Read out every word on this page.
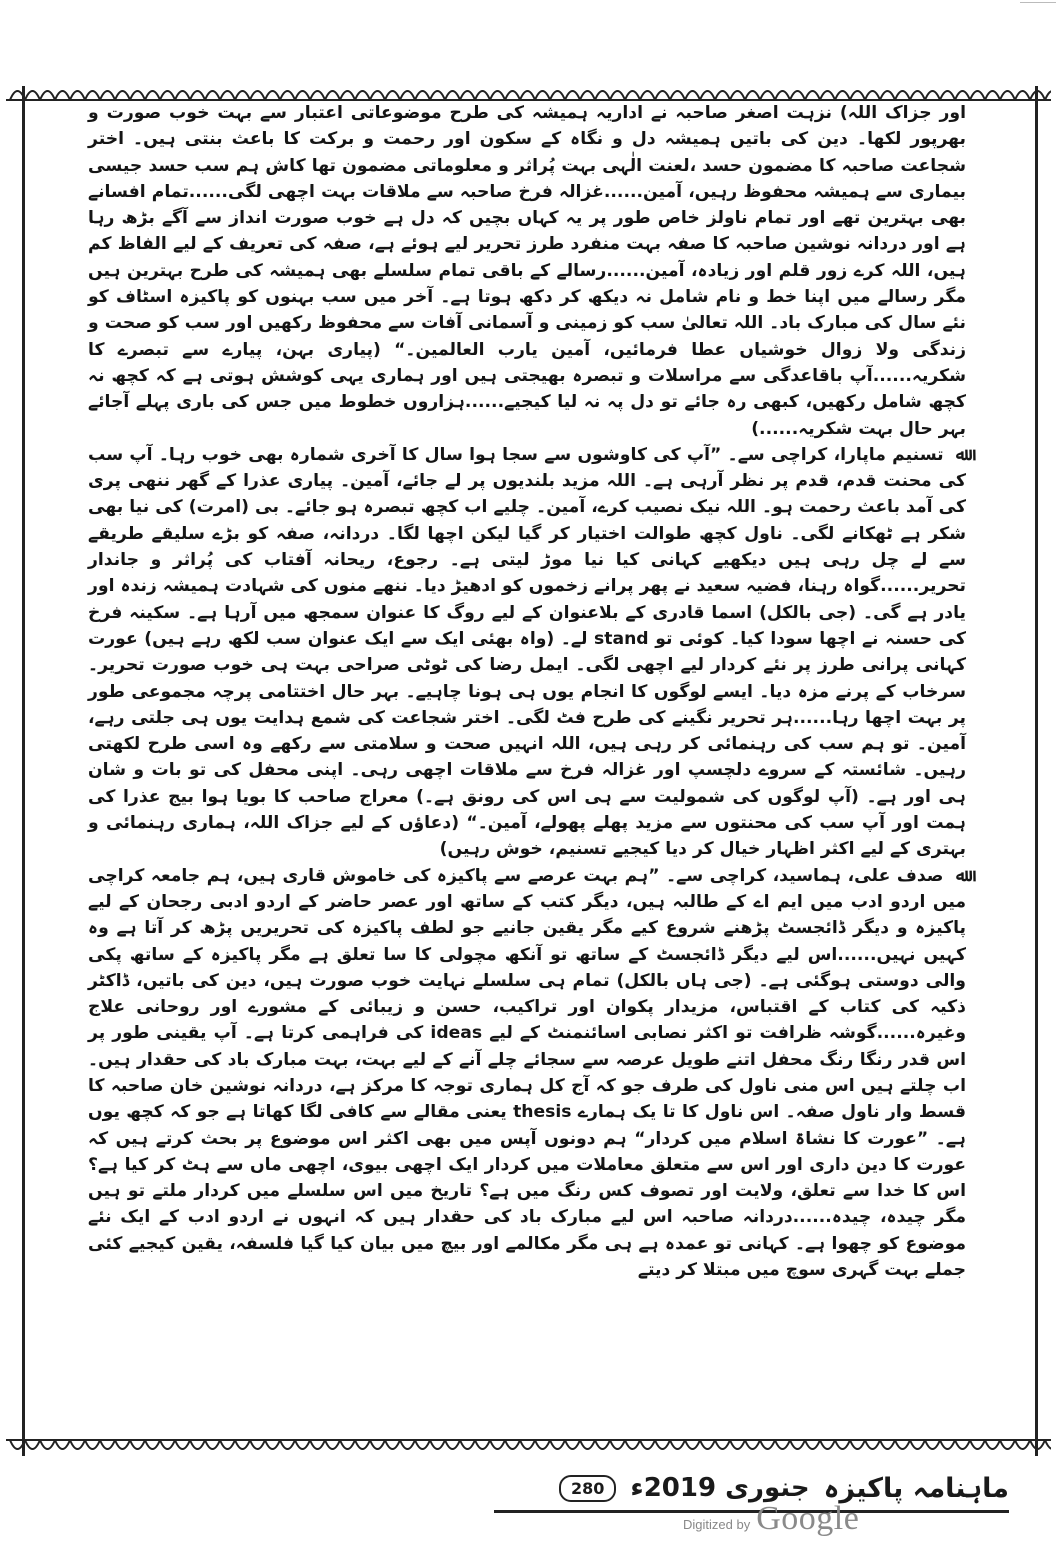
اور جزاک اللہ) نزہت اصغر صاحبہ نے اداریہ ہمیشہ کی طرح موضوعاتی اعتبار سے بہت خوب صورت و بھرپور لکھا۔ دین کی باتیں ہمیشہ دل و نگاہ کے سکون اور رحمت و برکت کا باعث بنتی ہیں۔ اختر شجاعت صاحبہ کا مضمون حسد ،لعنت الٰہی بہت پُراثر و معلوماتی مضمون تھا کاش ہم سب حسد جیسی بیماری سے ہمیشہ محفوظ رہیں، آمین......غزالہ فرخ صاحبہ سے ملاقات بہت اچھی لگی......تمام افسانے بھی بہترین تھے اور تمام ناولز خاص طور پر یہ کہاں بچیں کہ دل ہے خوب صورت انداز سے آگے بڑھ رہا ہے اور دردانہ نوشین صاحبہ کا صفہ بہت منفرد طرز تحریر لیے ہوئے ہے، صفہ کی تعریف کے لیے الفاظ کم ہیں، اللہ کرے زور قلم اور زیادہ، آمین......رسالے کے باقی تمام سلسلے بھی ہمیشہ کی طرح بہترین ہیں مگر رسالے میں اپنا خط و نام شامل نہ دیکھ کر دکھ ہوتا ہے۔ آخر میں سب بہنوں کو پاکیزہ اسٹاف کو نئے سال کی مبارک باد۔ اللہ تعالیٰ سب کو زمینی و آسمانی آفات سے محفوظ رکھیں اور سب کو صحت و زندگی ولا زوال خوشیاں عطا فرمائیں، آمین یارب العالمین۔“ (پیاری بہن، پیارے سے تبصرے کا شکریہ......آپ باقاعدگی سے مراسلات و تبصرہ بھیجتی ہیں اور ہماری یہی کوشش ہوتی ہے کہ کچھ نہ کچھ شامل رکھیں، کبھی رہ جائے تو دل پہ نہ لیا کیجیے......ہزاروں خطوط میں جس کی باری پہلے آجائے بہر حال بہت شکریہ......)

ﷲ تسنیم ماپارا، کراچی سے۔ ”آپ کی کاوشوں سے سجا ہوا سال کا آخری شمارہ بھی خوب رہا۔ آپ سب کی محنت قدم، قدم پر نظر آرہی ہے۔ اللہ مزید بلندیوں پر لے جائے، آمین۔ پیاری عذرا کے گھر ننھی پری کی آمد باعث رحمت ہو۔ اللہ نیک نصیب کرے، آمین۔ چلیے اب کچھ تبصرہ ہو جائے۔ بی (امرت) کی نیا بھی شکر ہے ٹھکانے لگی۔ ناول کچھ طوالت اختیار کر گیا لیکن اچھا لگا۔ دردانہ، صفہ کو بڑے سلیقے طریقے سے لے چل رہی ہیں دیکھیے کہانی کیا نیا موڑ لیتی ہے۔ رجوع، ریحانہ آفتاب کی پُراثر و جاندار تحریر......گواہ رہنا، فضیہ سعید نے پھر پرانے زخموں کو ادھیڑ دیا۔ ننھے منوں کی شہادت ہمیشہ زندہ اور یادر ہے گی۔ (جی بالکل) اسما قادری کے بلاعنوان کے لیے روگ کا عنوان سمجھ میں آرہا ہے۔ سکینہ فرخ کی حسنہ نے اچھا سودا کیا۔ کوئی تو stand لے۔ (واہ بھئی ایک سے ایک عنوان سب لکھ رہے ہیں) عورت کہانی پرانی طرز پر نئے کردار لیے اچھی لگی۔ ایمل رضا کی ٹوٹی صراحی بہت ہی خوب صورت تحریر۔ سرخاب کے پرنے مزہ دیا۔ ایسے لوگوں کا انجام یوں ہی ہونا چاہیے۔ بہر حال اختتامی پرچہ مجموعی طور پر بہت اچھا رہا......ہر تحریر نگینے کی طرح فٹ لگی۔ اختر شجاعت کی شمع ہدایت یوں ہی جلتی رہے، آمین۔ تو ہم سب کی رہنمائی کر رہی ہیں، اللہ انہیں صحت و سلامتی سے رکھے وہ اسی طرح لکھتی رہیں۔ شائستہ کے سروے دلچسپ اور غزالہ فرخ سے ملاقات اچھی رہی۔ اپنی محفل کی تو بات و شان ہی اور ہے۔ (آپ لوگوں کی شمولیت سے ہی اس کی رونق ہے۔) معراج صاحب کا بویا ہوا بیج عذرا کی ہمت اور آپ سب کی محنتوں سے مزید پھلے پھولے، آمین۔“ (دعاؤں کے لیے جزاک اللہ، ہماری رہنمائی و بہتری کے لیے اکثر اظہار خیال کر دیا کیجیے تسنیم، خوش رہیں)

ﷲ صدف علی، ہماسید، کراچی سے۔ ”ہم بہت عرصے سے پاکیزہ کی خاموش قاری ہیں، ہم جامعہ کراچی میں اردو ادب میں ایم اے کے طالبہ ہیں، دیگر کتب کے ساتھ اور عصر حاضر کے اردو ادبی رجحان کے لیے پاکیزہ و دیگر ڈائجسٹ پڑھنے شروع کیے مگر یقین جانیے جو لطف پاکیزہ کی تحریریں پڑھ کر آتا ہے وہ کہیں نہیں......اس لیے دیگر ڈائجسٹ کے ساتھ تو آنکھ مچولی کا سا تعلق ہے مگر پاکیزہ کے ساتھ پکی والی دوستی ہوگئی ہے۔ (جی ہاں بالکل) تمام ہی سلسلے نہایت خوب صورت ہیں، دین کی باتیں، ڈاکٹر ذکیہ کی کتاب کے اقتباس، مزیدار پکوان اور تراکیب، حسن و زیبائی کے مشورے اور روحانی علاج وغیرہ......گوشہ ظرافت تو اکثر نصابی اسائنمنٹ کے لیے ideas کی فراہمی کرتا ہے۔ آپ یقینی طور پر اس قدر رنگا رنگ محفل اتنے طویل عرصہ سے سجائے چلے آنے کے لیے بہت، بہت مبارک باد کی حقدار ہیں۔ اب چلتے ہیں اس منی ناول کی طرف جو کہ آج کل ہماری توجہ کا مرکز ہے، دردانہ نوشین خان صاحبہ کا قسط وار ناول صفہ۔ اس ناول کا تا یک ہمارے thesis یعنی مقالے سے کافی لگا کھاتا ہے جو کہ کچھ یوں ہے۔ ”عورت کا نشاۃ اسلام میں کردار“ ہم دونوں آپس میں بھی اکثر اس موضوع پر بحث کرتے ہیں کہ عورت کا دین داری اور اس سے متعلق معاملات میں کردار ایک اچھی بیوی، اچھی ماں سے ہٹ کر کیا ہے؟ اس کا خدا سے تعلق، ولایت اور تصوف کس رنگ میں ہے؟ تاریخ میں اس سلسلے میں کردار ملتے تو ہیں مگر چیدہ، چیدہ......دردانہ صاحبہ اس لیے مبارک باد کی حقدار ہیں کہ انہوں نے اردو ادب کے ایک نئے موضوع کو چھوا ہے۔ کہانی تو عمدہ ہے ہی مگر مکالمے اور بیچ میں بیان کیا گیا فلسفہ، یقین کیجیے کئی جملے بہت گہری سوچ میں مبتلا کر دیتے

ماہنامہ پاکیزہ
جنوری 2019ء
280
Digitized by Google
